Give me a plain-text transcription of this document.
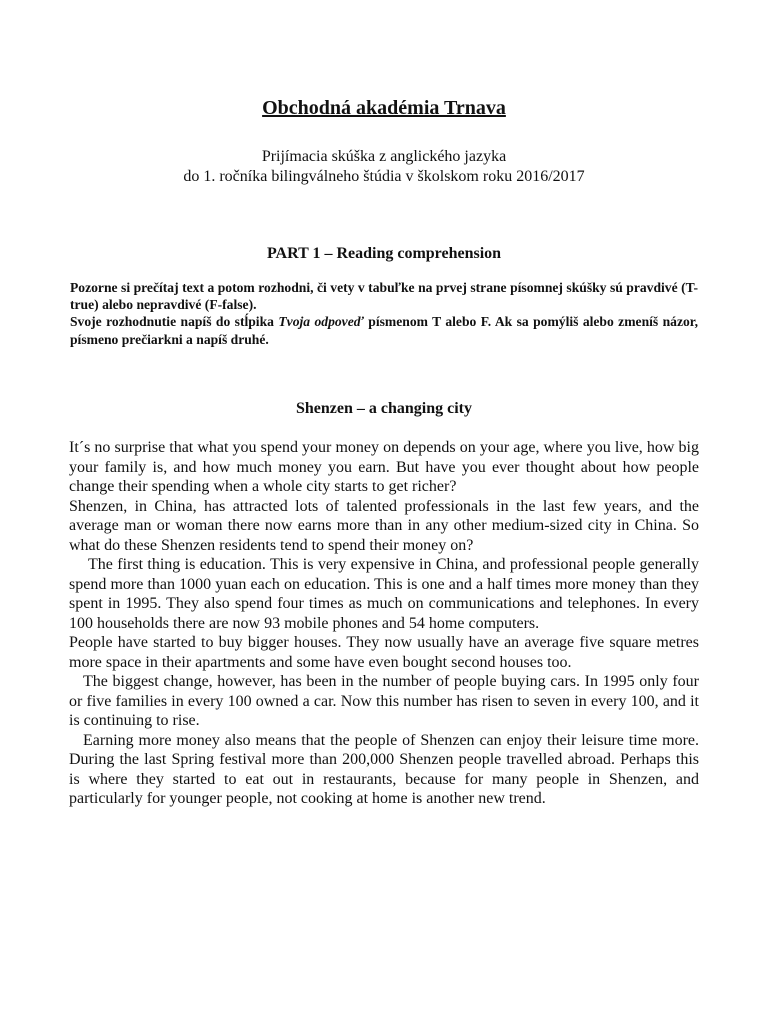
Obchodná akadémia Trnava
Prijímacia skúška z anglického jazyka
do 1. ročníka bilingválneho štúdia v školskom roku 2016/2017
PART 1 – Reading comprehension

Pozorne si prečítaj text a potom rozhodni, či vety v tabuľke na prvej strane písomnej skúšky sú pravdivé (T- true) alebo nepravdivé (F-false).

Svoje rozhodnutie napíš do stĺpika Tvoja odpoveď písmenom T alebo F. Ak sa pomýliš alebo zmeníš názor, písmeno prečiarkni a napíš druhé.

Shenzen – a changing city

It´s no surprise that what you spend your money on depends on your age, where you live, how big your family is, and how much money you earn. But have you ever thought about how people change their spending when a whole city starts to get richer?

Shenzen, in China, has attracted lots of talented professionals in the last few years, and the average man or woman there now earns more than in any other medium-sized city in China. So what do these Shenzen residents tend to spend their money on?

The first thing is education. This is very expensive in China, and professional people generally spend more than 1000 yuan each on education. This is one and a half times more money than they spent in 1995. They also spend four times as much on communications and telephones. In every 100 households there are now 93 mobile phones and 54 home computers.

People have started to buy bigger houses. They now usually have an average five square metres more space in their apartments and some have even bought second houses too.

The biggest change, however, has been in the number of people buying cars. In 1995 only four or five families in every 100 owned a car. Now this number has risen to seven in every 100, and it is continuing to rise.

Earning more money also means that the people of Shenzen can enjoy their leisure time more. During the last Spring festival more than 200,000 Shenzen people travelled abroad. Perhaps this is where they started to eat out in restaurants, because for many people in Shenzen, and particularly for younger people, not cooking at home is another new trend.
